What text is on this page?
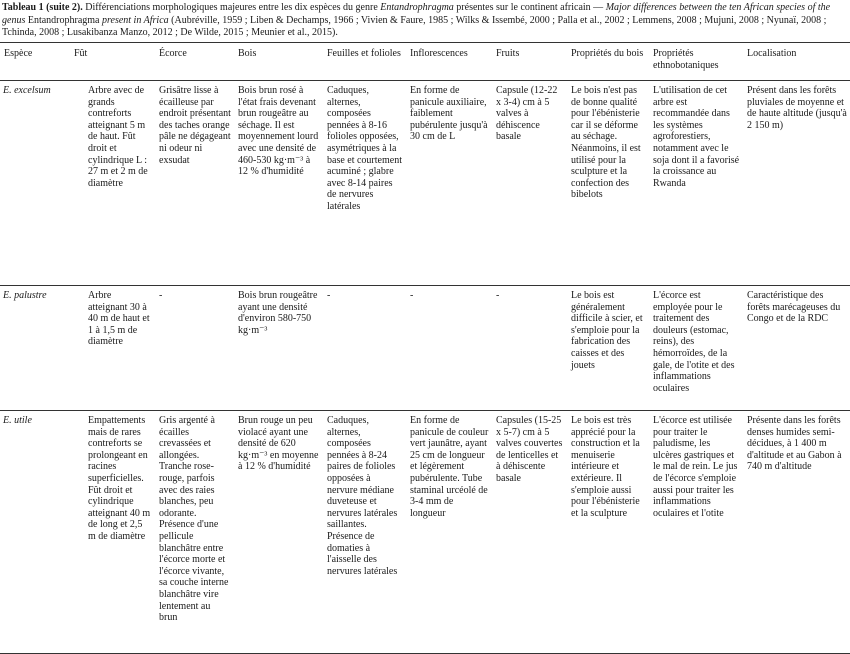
Tableau 1 (suite 2). Différenciations morphologiques majeures entre les dix espèces du genre Entandrophragma présentes sur le continent africain — Major differences between the ten African species of the genus Entandrophragma present in Africa (Aubréville, 1959 ; Liben & Dechamps, 1966 ; Vivien & Faure, 1985 ; Wilks & Issembé, 2000 ; Palla et al., 2002 ; Lemmens, 2008 ; Mujuni, 2008 ; Nyunaï, 2008 ; Tchinda, 2008 ; Lusakibanza Manzo, 2012 ; De Wilde, 2015 ; Meunier et al., 2015).
Espèce	Fût	Écorce	Bois	Feuilles et folioles	Inflorescences	Fruits	Propriétés du bois	Propriétés ethnobotaniques	Localisation
E. excelsum	Arbre avec de grands contreforts atteignant 5 m de haut. Fût droit et cylindrique L : 27 m et 2 m de diamètre	Grisâtre lisse à écailleuse par endroit présentant des taches orange pâle ne dégageant ni odeur ni exsudat	Bois brun rosé à l'état frais devenant brun rougeâtre au séchage. Il est moyennement lourd avec une densité de 460-530 kg·m⁻³ à 12 % d'humidité	Caduques, alternes, composées pennées à 8-16 folioles opposées, asymétriques à la base et courtement acuminé ; glabre avec 8-14 paires de nervures latérales	En forme de panicule auxiliaire, faiblement pubérulente jusqu'à 30 cm de L	Capsule (12-22 x 3-4) cm à 5 valves à déhiscence basale	Le bois n'est pas de bonne qualité pour l'ébénisterie car il se déforme au séchage. Néanmoins, il est utilisé pour la sculpture et la confection des bibelots	L'utilisation de cet arbre est recommandée dans les systèmes agroforestiers, notamment avec le soja dont il a favorisé la croissance au Rwanda	Présent dans les forêts pluviales de moyenne et de haute altitude (jusqu'à 2 150 m)
E. palustre	Arbre atteignant 30 à 40 m de haut et 1 à 1,5 m de diamètre	-	Bois brun rougeâtre ayant une densité d'environ 580-750 kg·m⁻³	-	-	-	Le bois est généralement difficile à scier, et s'emploie pour la fabrication des caisses et des jouets	L'écorce est employée pour le traitement des douleurs (estomac, reins), des hémorroïdes, de la gale, de l'otite et des inflammations oculaires	Caractéristique des forêts marécageuses du Congo et de la RDC
E. utile	Empattements mais de rares contreforts se prolongeant en racines superficielles. Fût droit et cylindrique atteignant 40 m de long et 2,5 m de diamètre	Gris argenté à écailles crevassées et allongées. Tranche rose-rouge, parfois avec des raies blanches, peu odorante. Présence d'une pellicule blanchâtre entre l'écorce morte et l'écorce vivante, sa couche interne blanchâtre vire lentement au brun	Brun rouge un peu violacé ayant une densité de 620 kg·m⁻³ en moyenne à 12 % d'humidité	Caduques, alternes, composées pennées à 8-24 paires de folioles opposées à nervure médiane duveteuse et nervures latérales saillantes. Présence de domaties à l'aisselle des nervures latérales	En forme de panicule de couleur vert jaunâtre, ayant 25 cm de longueur et légèrement pubérulente. Tube staminal urcéolé de 3-4 mm de longueur	Capsules (15-25 x 5-7) cm à 5 valves couvertes de lenticelles et à déhiscente basale	Le bois est très apprécié pour la construction et la menuiserie intérieure et extérieure. Il s'emploie aussi pour l'ébénisterie et la sculpture	L'écorce est utilisée pour traiter le paludisme, les ulcères gastriques et le mal de rein. Le jus de l'écorce s'emploie aussi pour traiter les inflammations oculaires et l'otite	Présente dans les forêts denses humides semi-décidues, à 1 400 m d'altitude et au Gabon à 740 m d'altitude
